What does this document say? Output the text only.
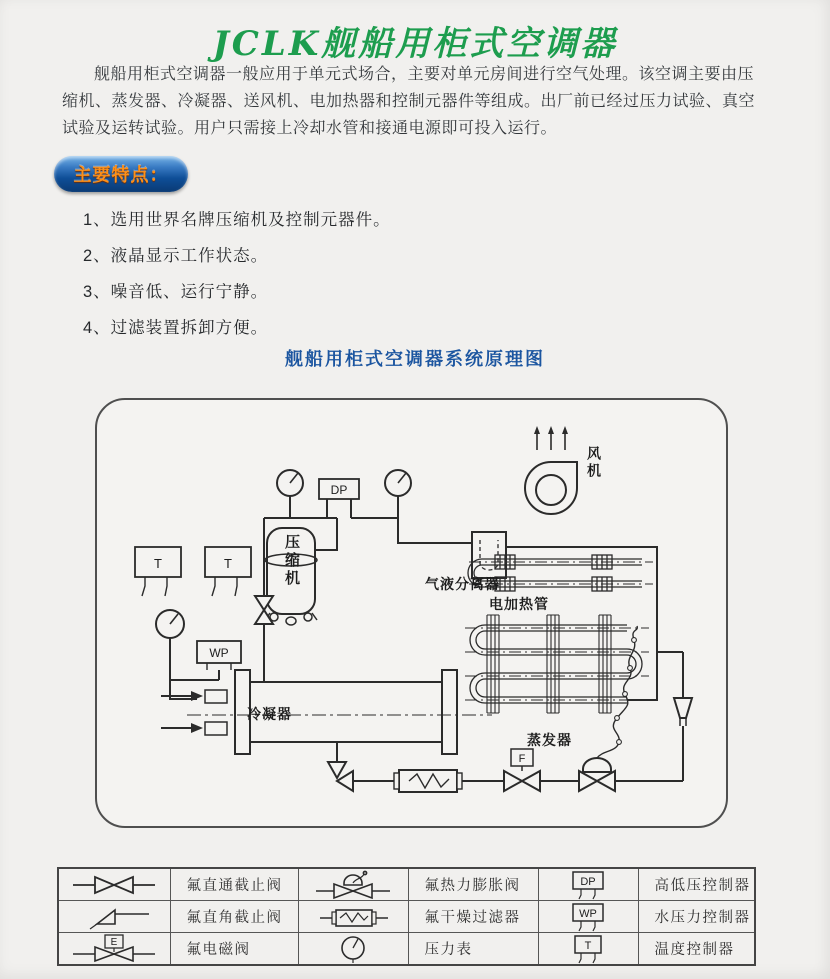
JCLK舰船用柜式空调器

舰船用柜式空调器一般应用于单元式场合，主要对单元房间进行空气处理。该空调主要由压缩机、蒸发器、冷凝器、送风机、电加热器和控制元器件等组成。出厂前已经过压力试验、真空试验及运转试验。用户只需接上冷却水管和接通电源即可投入运行。

主要特点：
1、选用世界名牌压缩机及控制元器件。
2、液晶显示工作状态。
3、噪音低、运行宁静。
4、过滤装置拆卸方便。
舰船用柜式空调器系统原理图
DP
T	T
WP
F
风机
压缩机	气液分离器
电加热管
蒸发器
冷凝器
	氟直通截止阀		氟热力膨胀阀	DP	高低压控制器

	氟直角截止阀		氟干燥过滤器	WP	水压力控制器

E	氟电磁阀		压力表	T	温度控制器
